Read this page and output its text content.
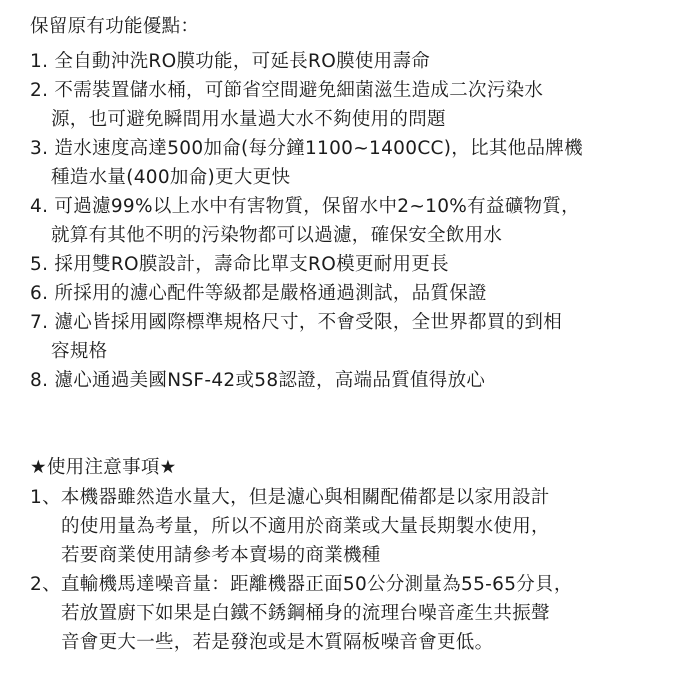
保留原有功能優點：
1. 全自動沖洗RO膜功能，可延長RO膜使用壽命
2. 不需裝置儲水桶，可節省空間避免細菌滋生造成二次污染水
源，也可避免瞬間用水量過大水不夠使用的問題
3. 造水速度高達500加侖(每分鐘1100~1400CC)，比其他品牌機
種造水量(400加侖)更大更快
4. 可過濾99%以上水中有害物質，保留水中2~10%有益礦物質，
就算有其他不明的污染物都可以過濾，確保安全飲用水
5. 採用雙RO膜設計，壽命比單支RO模更耐用更長
6. 所採用的濾心配件等級都是嚴格通過測試，品質保證
7. 濾心皆採用國際標準規格尺寸，不會受限，全世界都買的到相
容規格
8. 濾心通過美國NSF-42或58認證，高端品質值得放心
★使用注意事項★
1、本機器雖然造水量大，但是濾心與相關配備都是以家用設計
的使用量為考量，所以不適用於商業或大量長期製水使用，
若要商業使用請參考本賣場的商業機種
2、直輸機馬達噪音量：距離機器正面50公分測量為55-65分貝，
若放置廚下如果是白鐵不銹鋼桶身的流理台噪音產生共振聲
音會更大一些，若是發泡或是木質隔板噪音會更低。
